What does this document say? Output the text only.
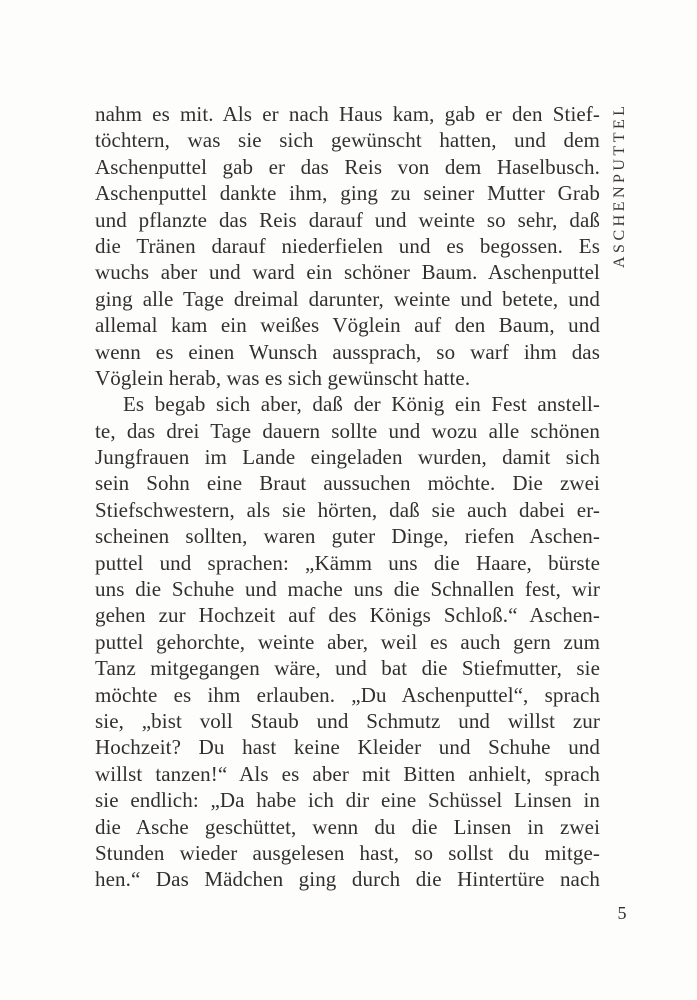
ASCHENPUTTEL
nahm es mit. Als er nach Haus kam, gab er den Stief-
töchtern, was sie sich gewünscht hatten, und dem
Aschenputtel gab er das Reis von dem Haselbusch.
Aschenputtel dankte ihm, ging zu seiner Mutter Grab
und pflanzte das Reis darauf und weinte so sehr, daß
die Tränen darauf niederfielen und es begossen. Es
wuchs aber und ward ein schöner Baum. Aschenputtel
ging alle Tage dreimal darunter, weinte und betete, und
allemal kam ein weißes Vöglein auf den Baum, und
wenn es einen Wunsch aussprach, so warf ihm das
Vöglein herab, was es sich gewünscht hatte.
Es begab sich aber, daß der König ein Fest anstell-
te, das drei Tage dauern sollte und wozu alle schönen
Jungfrauen im Lande eingeladen wurden, damit sich
sein Sohn eine Braut aussuchen möchte. Die zwei
Stiefschwestern, als sie hörten, daß sie auch dabei er-
scheinen sollten, waren guter Dinge, riefen Aschen-
puttel und sprachen: „Kämm uns die Haare, bürste
uns die Schuhe und mache uns die Schnallen fest, wir
gehen zur Hochzeit auf des Königs Schloß.“ Aschen-
puttel gehorchte, weinte aber, weil es auch gern zum
Tanz mitgegangen wäre, und bat die Stiefmutter, sie
möchte es ihm erlauben. „Du Aschenputtel“, sprach
sie, „bist voll Staub und Schmutz und willst zur
Hochzeit? Du hast keine Kleider und Schuhe und
willst tanzen!“ Als es aber mit Bitten anhielt, sprach
sie endlich: „Da habe ich dir eine Schüssel Linsen in
die Asche geschüttet, wenn du die Linsen in zwei
Stunden wieder ausgelesen hast, so sollst du mitge-
hen.“ Das Mädchen ging durch die Hintertüre nach
5
